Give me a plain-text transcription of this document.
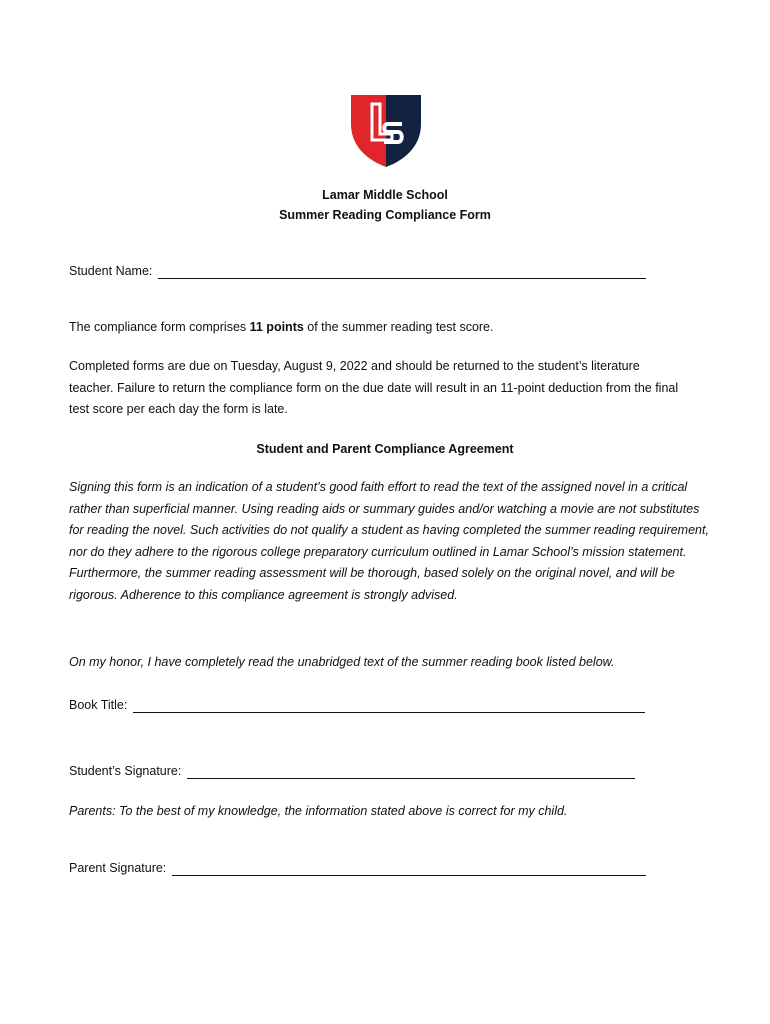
Lamar Middle School
Summer Reading Compliance Form
Student Name:
The compliance form comprises 11 points of the summer reading test score.
Completed forms are due on Tuesday, August 9, 2022 and should be returned to the student’s literature teacher. Failure to return the compliance form on the due date will result in an 11-point deduction from the final test score per each day the form is late.
Student and Parent Compliance Agreement
Signing this form is an indication of a student’s good faith effort to read the text of the assigned novel in a critical rather than superficial manner. Using reading aids or summary guides and/or watching a movie are not substitutes for reading the novel. Such activities do not qualify a student as having completed the summer reading requirement, nor do they adhere to the rigorous college preparatory curriculum outlined in Lamar School’s mission statement. Furthermore, the summer reading assessment will be thorough, based solely on the original novel, and will be rigorous. Adherence to this compliance agreement is strongly advised.
On my honor, I have completely read the unabridged text of the summer reading book listed below.
Book Title:
Student’s Signature:
Parents: To the best of my knowledge, the information stated above is correct for my child.
Parent Signature:
